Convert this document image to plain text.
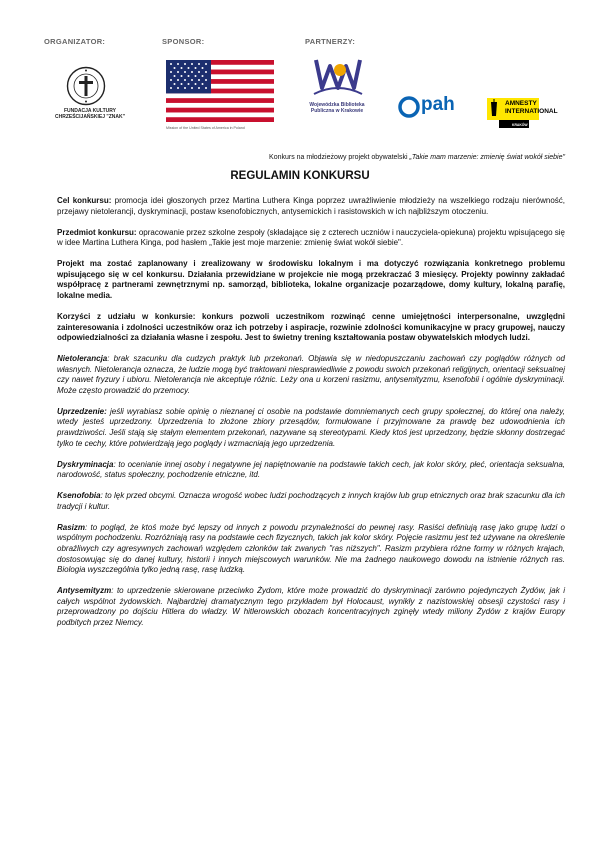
ORGANIZATOR:	SPONSOR:	PARTNERZY:
FUNDACJA KULTURY CHRZEŚCIJAŃSKIEJ "ZNAK"
Mission of the United States of America in Poland
Wojewódzka Biblioteka Publiczna w Krakowie	pah	AMNESTY INTERNATIONAL
KRAKÓW
Konkurs na młodzieżowy projekt obywatelski „Takie mam marzenie: zmienię świat wokół siebie"
REGULAMIN KONKURSU

Cel konkursu: promocja idei głoszonych przez Martina Luthera Kinga poprzez uwrażliwienie młodzieży na wszelkiego rodzaju nierówność, przejawy nietolerancji, dyskryminacji, postaw ksenofobicznych, antysemickich i rasistowskich w ich najbliższym otoczeniu.

Przedmiot konkursu: opracowanie przez szkolne zespoły (składające się z czterech uczniów i nauczyciela-opiekuna) projektu wpisującego się w idee Martina Luthera Kinga, pod hasłem „Takie jest moje marzenie: zmienię świat wokół siebie".

Projekt ma zostać zaplanowany i zrealizowany w środowisku lokalnym i ma dotyczyć rozwiązania konkretnego problemu wpisującego się w cel konkursu. Działania przewidziane w projekcie nie mogą przekraczać 3 miesięcy. Projekty powinny zakładać współpracę z partnerami zewnętrznymi np. samorząd, biblioteka, lokalne organizacje pozarządowe, domy kultury, lokalną parafię, lokalne media.

Korzyści z udziału w konkursie: konkurs pozwoli uczestnikom rozwinąć cenne umiejętności interpersonalne, uwzględni zainteresowania i zdolności uczestników oraz ich potrzeby i aspiracje, rozwinie zdolności komunikacyjne w pracy grupowej, nauczy odpowiedzialności za działania własne i zespołu. Jest to świetny trening kształtowania postaw obywatelskich młodych ludzi.

Nietolerancja: brak szacunku dla cudzych praktyk lub przekonań. Objawia się w niedopuszczaniu zachowań czy poglądów różnych od własnych. Nietolerancja oznacza, że ludzie mogą być traktowani niesprawiedliwie z powodu swoich przekonań religijnych, orientacji seksualnej czy nawet fryzury i ubioru. Nietolerancja nie akceptuje różnic. Leży ona u korzeni rasizmu, antysemityzmu, ksenofobii i ogólnie dyskryminacji. Może często prowadzić do przemocy.

Uprzedzenie: jeśli wyrabiasz sobie opinię o nieznanej ci osobie na podstawie domniemanych cech grupy społecznej, do której ona należy, wtedy jesteś uprzedzony. Uprzedzenia to złożone zbiory przesądów, formułowane i przyjmowane za prawdę bez udowodnienia ich prawdziwości. Jeśli stają się stałym elementem przekonań, nazywane są stereotypami. Kiedy ktoś jest uprzedzony, będzie skłonny dostrzegać tylko te cechy, które potwierdzają jego poglądy i wzmacniają jego uprzedzenia.

Dyskryminacja: to ocenianie innej osoby i negatywne jej napiętnowanie na podstawie takich cech, jak kolor skóry, płeć, orientacja seksualna, narodowość, status społeczny, pochodzenie etniczne, itd.

Ksenofobia: to lęk przed obcymi. Oznacza wrogość wobec ludzi pochodzących z innych krajów lub grup etnicznych oraz brak szacunku dla ich tradycji i kultur.

Rasizm: to pogląd, że ktoś może być lepszy od innych z powodu przynależności do pewnej rasy. Rasiści definiują rasę jako grupę ludzi o wspólnym pochodzeniu. Rozróżniają rasy na podstawie cech fizycznych, takich jak kolor skóry. Pojęcie rasizmu jest też używane na określenie obraźliwych czy agresywnych zachowań względem członków tak zwanych "ras niższych". Rasizm przybiera różne formy w różnych krajach, dostosowując się do danej kultury, historii i innych miejscowych warunków. Nie ma żadnego naukowego dowodu na istnienie różnych ras. Biologia wyszczególnia tylko jedną rasę, rasę ludzką.

Antysemityzm: to uprzedzenie skierowane przeciwko Żydom, które może prowadzić do dyskryminacji zarówno pojedynczych Żydów, jak i całych wspólnot żydowskich. Najbardziej dramatycznym tego przykładem był Holocaust, wynikły z nazistowskiej obsesji czystości rasy i przeprowadzony po dojściu Hitlera do władzy. W hitlerowskich obozach koncentracyjnych zginęły wtedy miliony Żydów z krajów Europy podbitych przez Niemcy.
